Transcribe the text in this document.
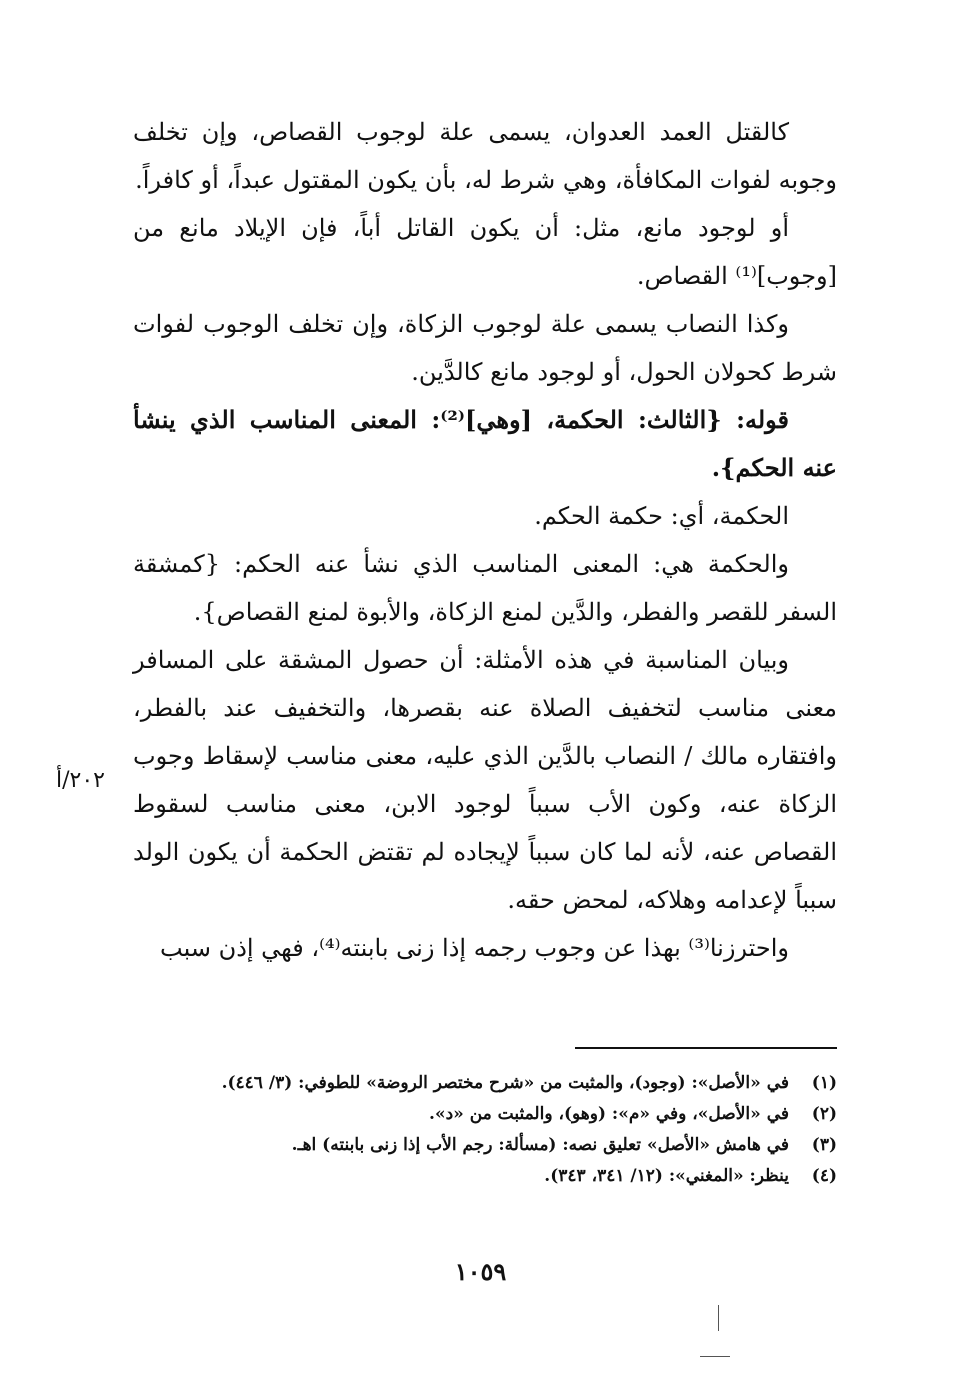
كالقتل العمد العدوان، يسمى علة لوجوب القصاص، وإن تخلف وجوبه لفوات المكافأة، وهي شرط له، بأن يكون المقتول عبداً، أو كافراً.

أو لوجود مانع، مثل: أن يكون القاتل أباً، فإن الإيلاد مانع من [وجوب]⁽¹⁾ القصاص.

وكذا النصاب يسمى علة لوجوب الزكاة، وإن تخلف الوجوب لفوات شرط كحولان الحول، أو لوجود مانع كالدَّين.

قوله: {الثالث: الحكمة، [وهي]⁽²⁾: المعنى المناسب الذي ينشأ عنه الحكم}.

الحكمة، أي: حكمة الحكم.

والحكمة هي: المعنى المناسب الذي نشأ عنه الحكم: {كمشقة السفر للقصر والفطر، والدَّين لمنع الزكاة، والأبوة لمنع القصاص}.

وبيان المناسبة في هذه الأمثلة: أن حصول المشقة على المسافر معنى مناسب لتخفيف الصلاة عنه بقصرها، والتخفيف عند بالفطر، وافتقاره مالك / النصاب بالدَّين الذي عليه، معنى مناسب لإسقاط وجوب الزكاة عنه، وكون الأب سبباً لوجود الابن، معنى مناسب لسقوط القصاص عنه، لأنه لما كان سبباً لإيجاده لم تقتض الحكمة أن يكون الولد سبباً لإعدامه وهلاكه، لمحض حقه.

واحترزنا⁽³⁾ بهذا عن وجوب رجمه إذا زنى بابنته⁽⁴⁾، فهي إذن سبب

٢٠٢/أ
(١)
في «الأصل»: (وجود)، والمثبت من «شرح مختصر الروضة» للطوفي: (٣/ ٤٤٦).
(٢)
في «الأصل»، وفي «م»: (وهو)، والمثبت من «د».
(٣)
في هامش «الأصل» تعليق نصه: (مسألة: رجم الأب إذا زنى بابنته) اهـ.
(٤)
ينظر: «المغني»: (١٢/ ٣٤١، ٣٤٣).
١٠٥٩
